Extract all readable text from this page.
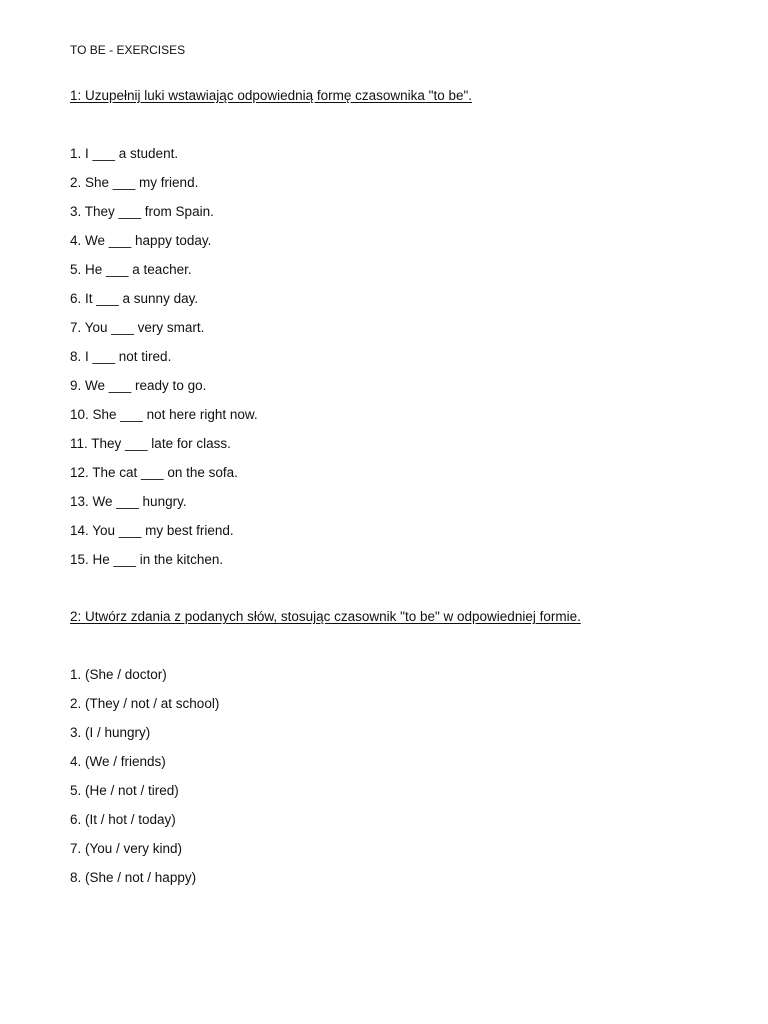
TO BE - EXERCISES
1: Uzupełnij luki wstawiając odpowiednią formę czasownika "to be".
1. I ___ a student.
2. She ___ my friend.
3. They ___ from Spain.
4. We ___ happy today.
5. He ___ a teacher.
6. It ___ a sunny day.
7. You ___ very smart.
8. I ___ not tired.
9. We ___ ready to go.
10. She ___ not here right now.
11. They ___ late for class.
12. The cat ___ on the sofa.
13. We ___ hungry.
14. You ___ my best friend.
15. He ___ in the kitchen.
2: Utwórz zdania z podanych słów, stosując czasownik "to be" w odpowiedniej formie.
1. (She / doctor)
2. (They / not / at school)
3. (I / hungry)
4. (We / friends)
5. (He / not / tired)
6. (It / hot / today)
7. (You / very kind)
8. (She / not / happy)
